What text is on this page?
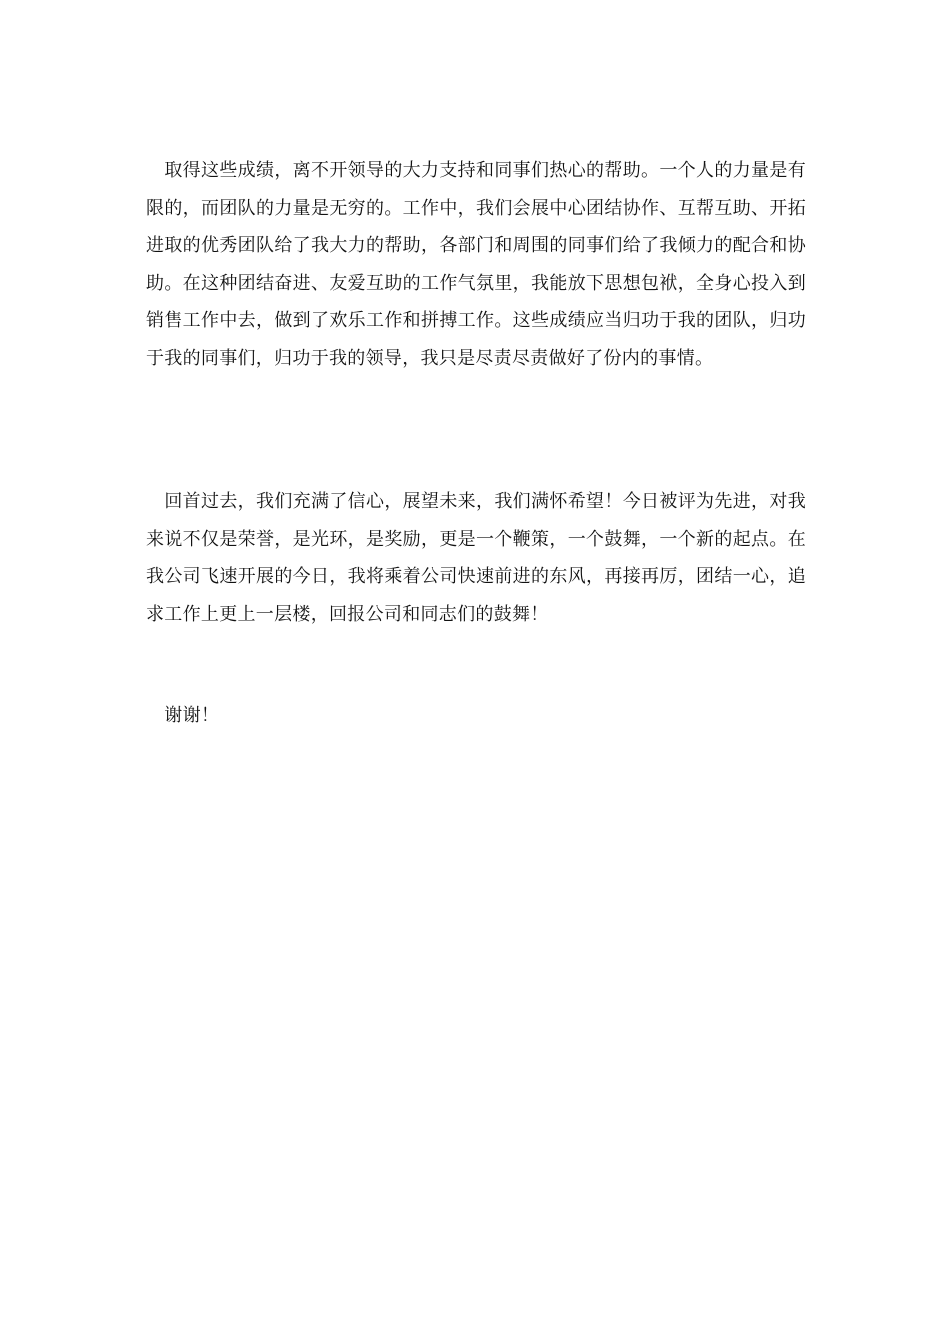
　取得这些成绩，离不开领导的大力支持和同事们热心的帮助。一个人的力量是有限的，而团队的力量是无穷的。工作中，我们会展中心团结协作、互帮互助、开拓进取的优秀团队给了我大力的帮助，各部门和周围的同事们给了我倾力的配合和协助。在这种团结奋进、友爱互助的工作气氛里，我能放下思想包袱，全身心投入到销售工作中去，做到了欢乐工作和拼搏工作。这些成绩应当归功于我的团队，归功于我的同事们，归功于我的领导，我只是尽责尽责做好了份内的事情。

　回首过去，我们充满了信心，展望未来，我们满怀希望！今日被评为先进，对我来说不仅是荣誉，是光环，是奖励，更是一个鞭策，一个鼓舞，一个新的起点。在我公司飞速开展的今日，我将乘着公司快速前进的东风，再接再厉，团结一心，追求工作上更上一层楼，回报公司和同志们的鼓舞！

　谢谢！
